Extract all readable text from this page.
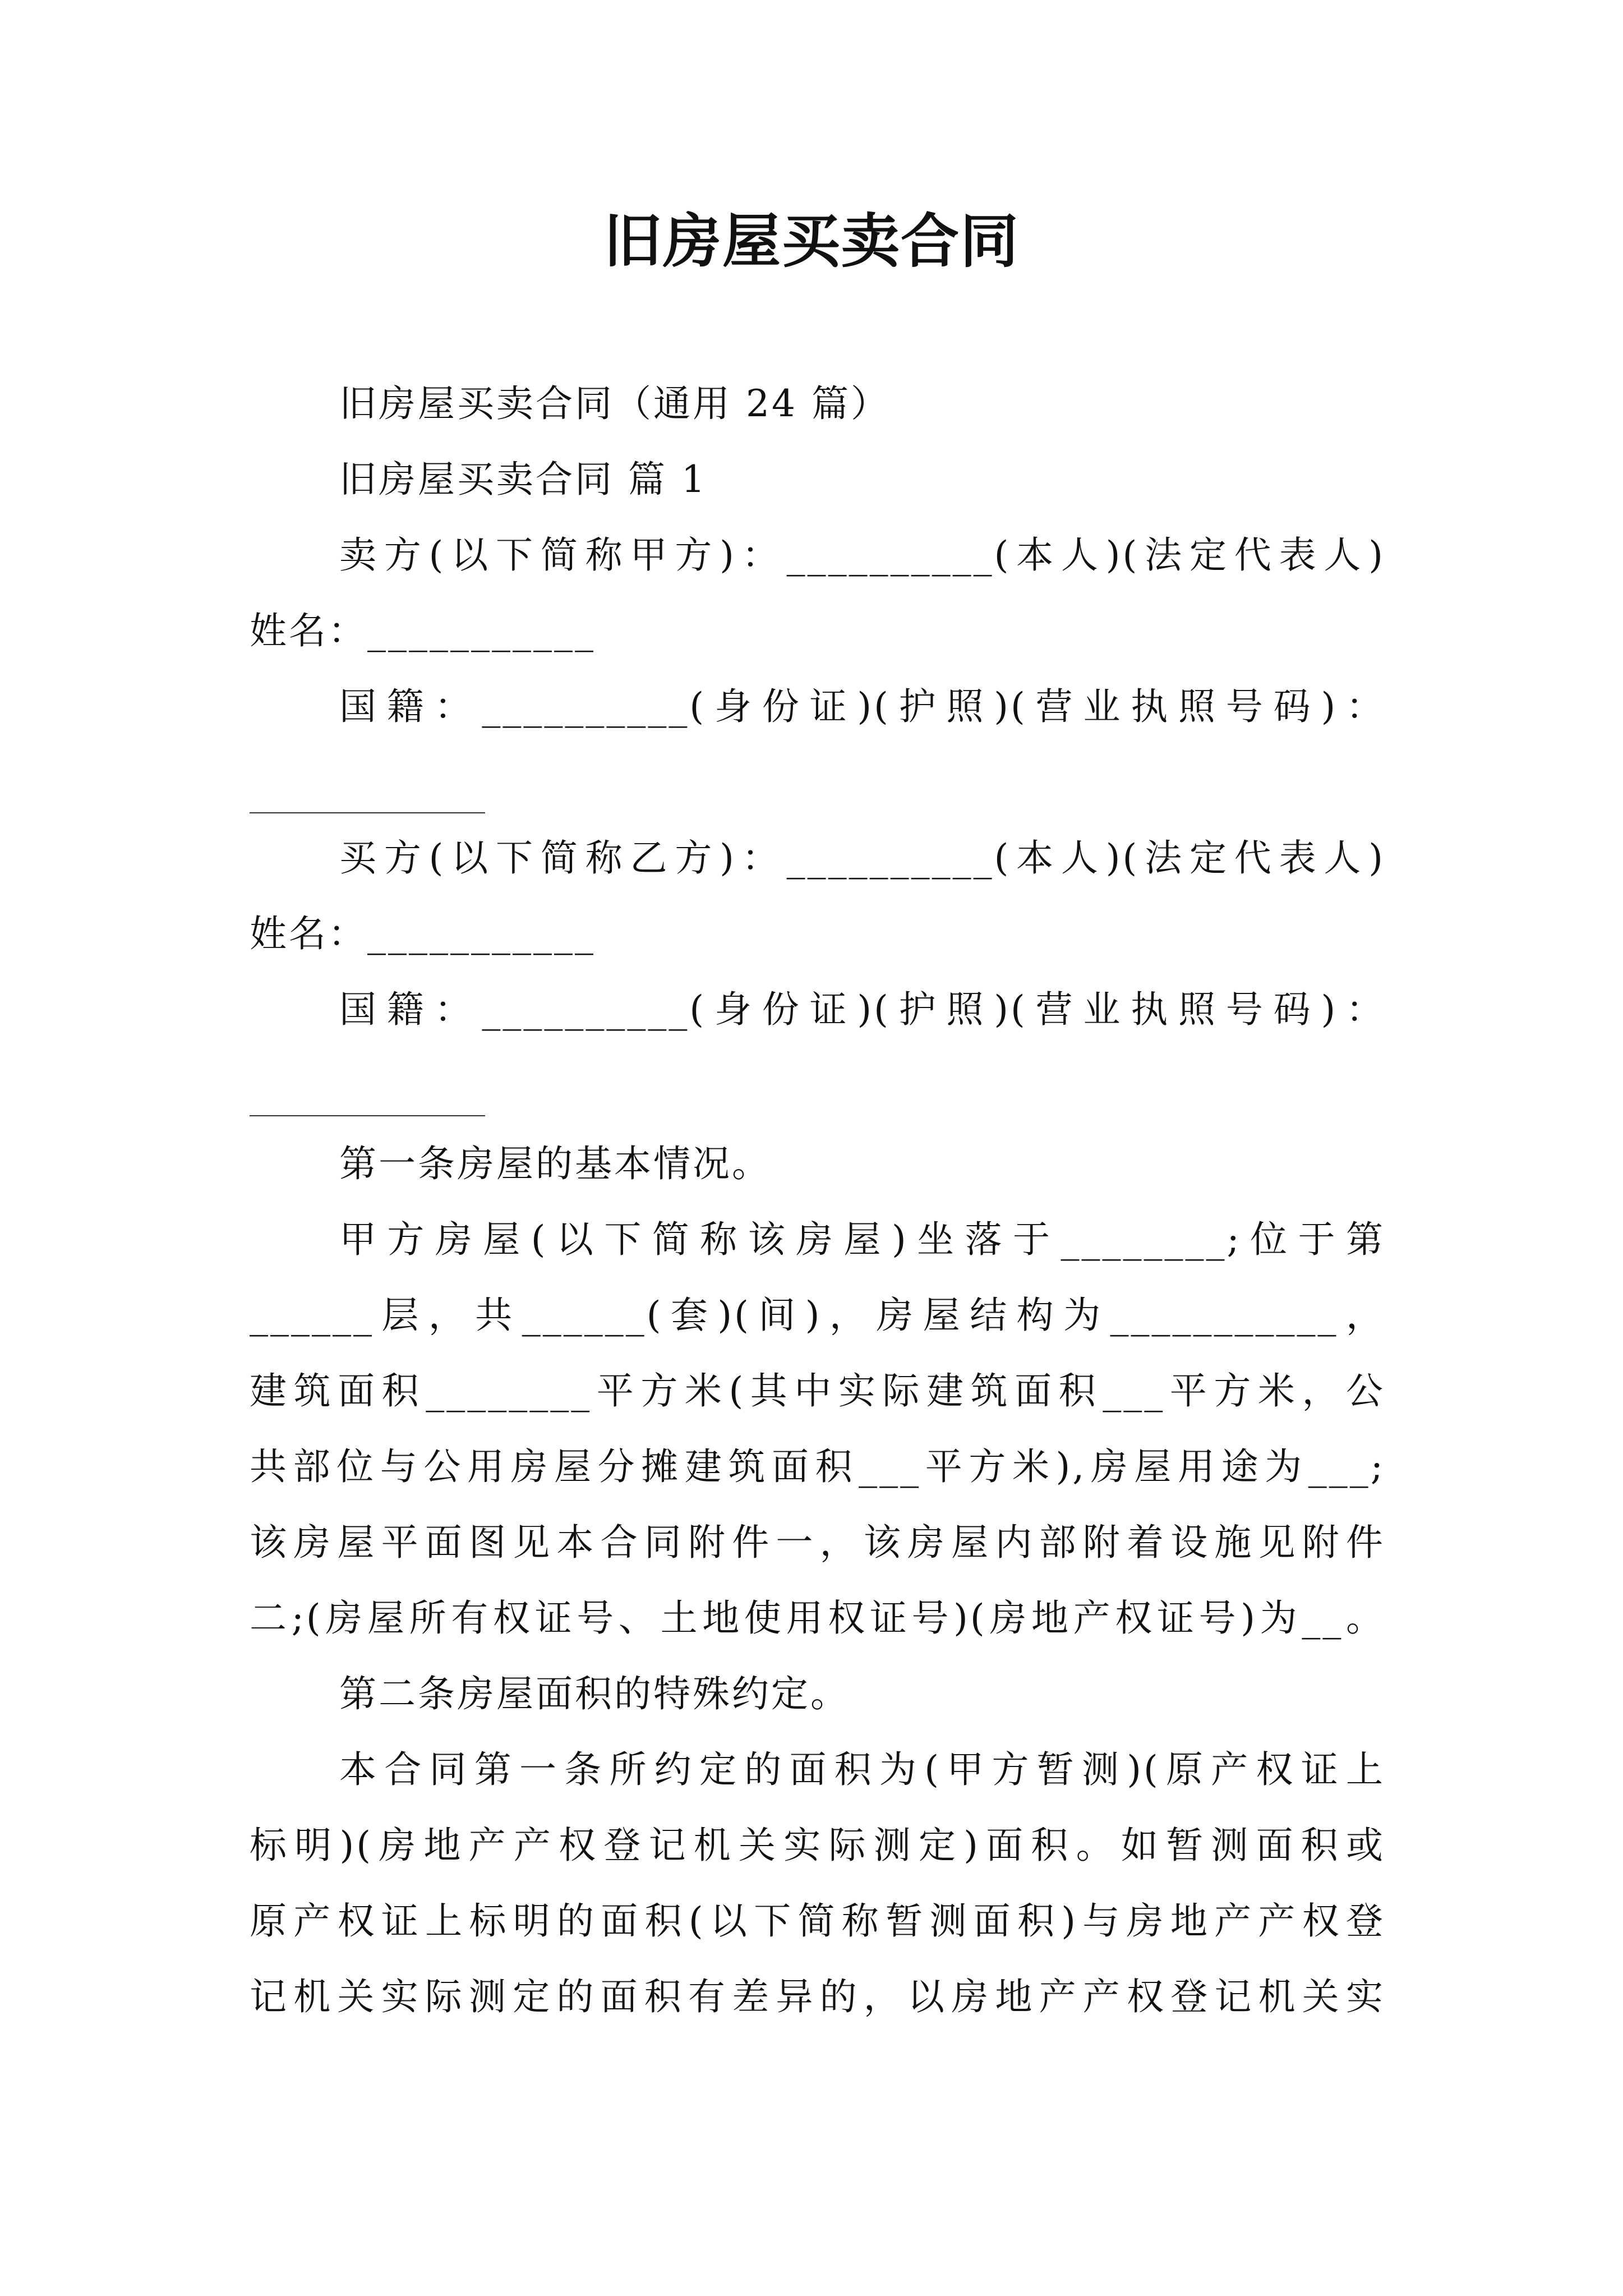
旧房屋买卖合同

旧房屋买卖合同（通用 24 篇）

旧房屋买卖合同 篇 1

卖方(以下简称甲方)：__________(本人)(法定代表人)

姓名：___________

国籍：__________(身份证)(护照)(营业执照号码)：

买方(以下简称乙方)：__________(本人)(法定代表人)

姓名：___________

国籍：__________(身份证)(护照)(营业执照号码)：

第一条房屋的基本情况。

甲方房屋(以下简称该房屋)坐落于________;位于第

______层，共______(套)(间)，房屋结构为___________，

建筑面积________平方米(其中实际建筑面积___平方米，公

共部位与公用房屋分摊建筑面积___平方米),房屋用途为___;

该房屋平面图见本合同附件一，该房屋内部附着设施见附件

二;(房屋所有权证号、土地使用权证号)(房地产权证号)为__。

第二条房屋面积的特殊约定。

本合同第一条所约定的面积为(甲方暂测)(原产权证上

标明)(房地产产权登记机关实际测定)面积。如暂测面积或

原产权证上标明的面积(以下简称暂测面积)与房地产产权登

记机关实际测定的面积有差异的，以房地产产权登记机关实
